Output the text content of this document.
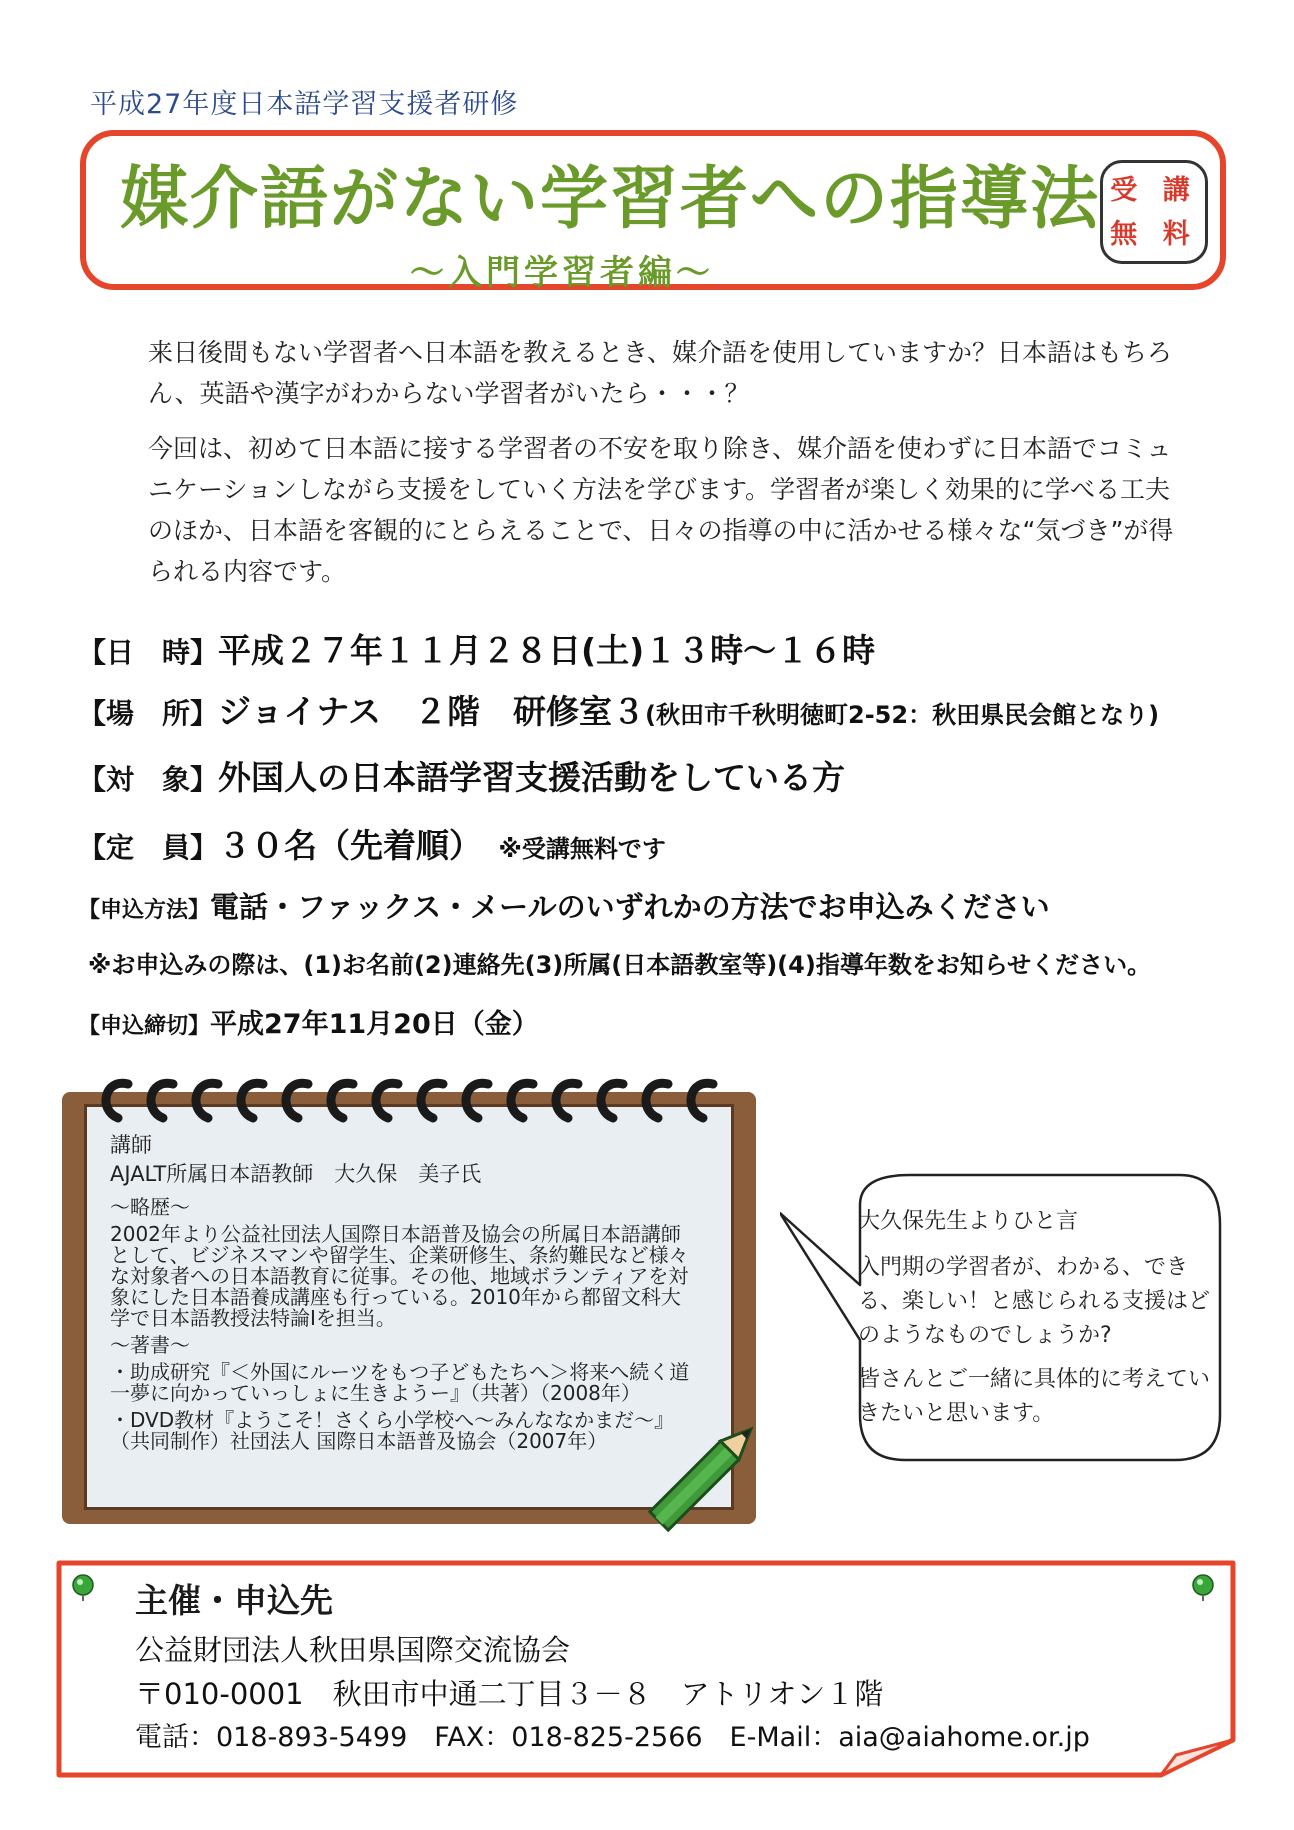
平成27年度日本語学習支援者研修
媒介語がない学習者への指導法
～入門学習者編～
受 講
無 料
来日後間もない学習者へ日本語を教えるとき、媒介語を使用していますか？日本語はもちろん、英語や漢字がわからない学習者がいたら・・・？
今回は、初めて日本語に接する学習者の不安を取り除き、媒介語を使わずに日本語でコミュニケーションしながら支援をしていく方法を学びます。学習者が楽しく効果的に学べる工夫のほか、日本語を客観的にとらえることで、日々の指導の中に活かせる様々な“気づき”が得られる内容です。
【日　時】平成２７年１１月２８日(土)１３時～１６時
【場　所】ジョイナス　２階　研修室３(秋田市千秋明徳町2-52：秋田県民会館となり)
【対　象】外国人の日本語学習支援活動をしている方
【定　員】３０名（先着順）　 ※受講無料です
【申込方法】電話・ファックス・メールのいずれかの方法でお申込みください
※お申込みの際は、(1)お名前(2)連絡先(3)所属(日本語教室等)(4)指導年数をお知らせください。
【申込締切】平成27年11月20日（金）
講師
AJALT所属日本語教師　大久保　美子氏
～略歴～
2002年より公益社団法人国際日本語普及協会の所属日本語講師として、ビジネスマンや留学生、企業研修生、条約難民など様々な対象者への日本語教育に従事。その他、地域ボランティアを対象にした日本語養成講座も行っている。2010年から都留文科大学で日本語教授法特論Ⅰを担当。
～著書～
・助成研究『＜外国にルーツをもつ子どもたちへ＞将来へ続く道一夢に向かっていっしょに生きようー』（共著）（2008年）
・DVD教材『ようこそ！さくら小学校へ～みんななかまだ～』（共同制作）社団法人 国際日本語普及協会（2007年）
大久保先生よりひと言
入門期の学習者が、わかる、できる、楽しい！と感じられる支援はどのようなものでしょうか?
皆さんとご一緒に具体的に考えていきたいと思います。
主催・申込先
公益財団法人秋田県国際交流協会
〒010-0001　秋田市中通二丁目３－８　アトリオン１階
電話：018-893-5499　FAX：018-825-2566　E-Mail：aia@aiahome.or.jp
